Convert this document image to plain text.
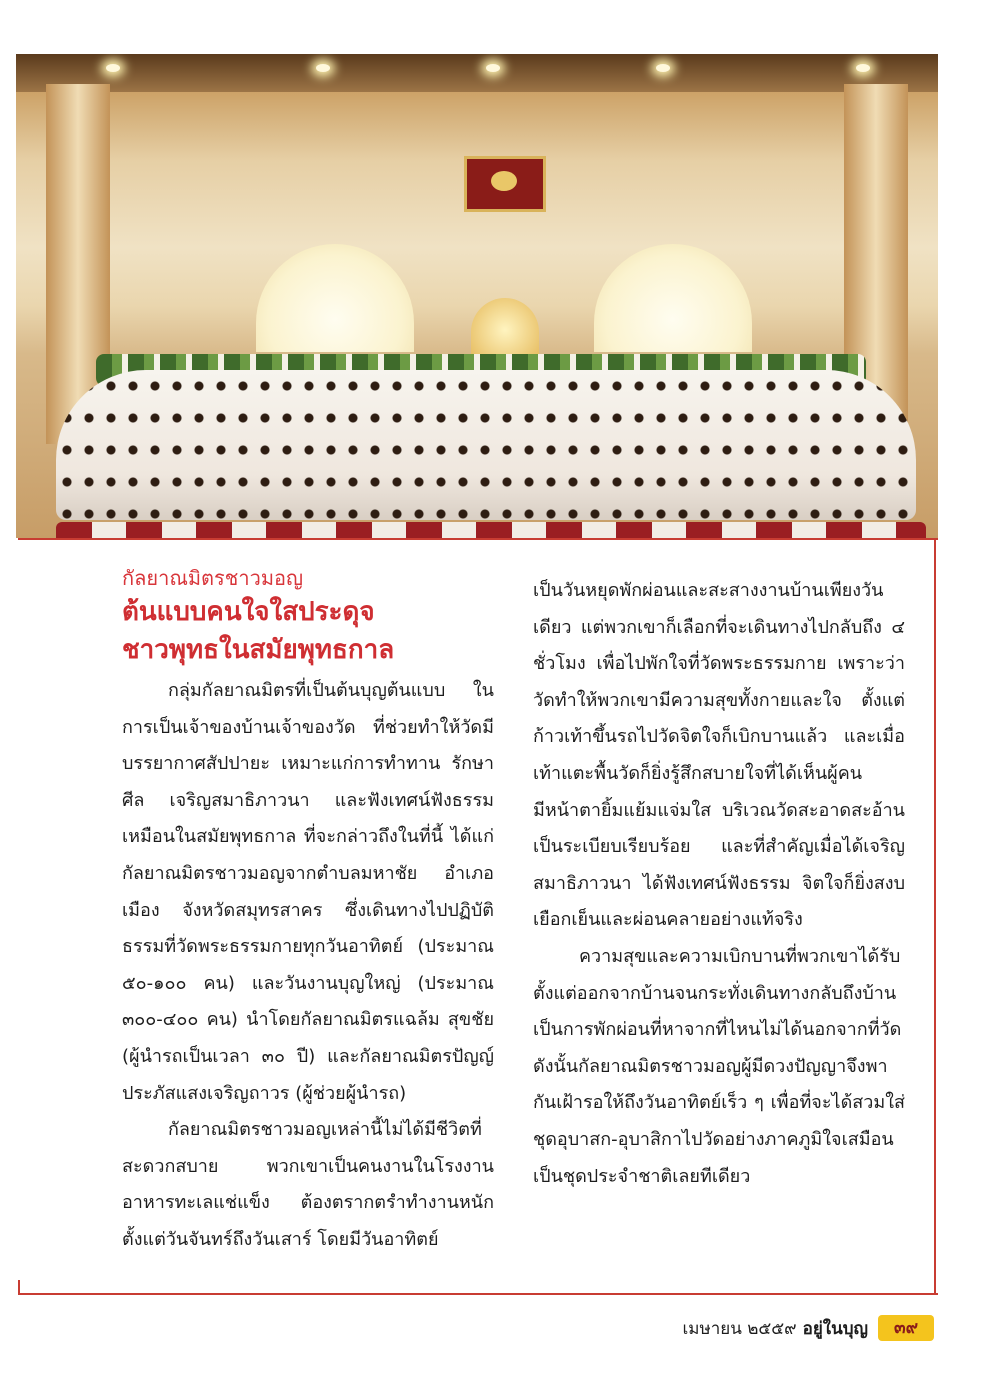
กัลยาณมิตรชาวมอญ

ต้นแบบคนใจใสประดุจ

ชาวพุทธในสมัยพุทธกาล

กลุ่มกัลยาณมิตรที่เป็นต้นบุญต้นแบบ ในการเป็นเจ้าของบ้านเจ้าของวัด ที่ช่วยทำให้วัดมีบรรยากาศสัปปายะ เหมาะแก่การทำทาน รักษาศีล เจริญสมาธิภาวนา และฟังเทศน์ฟังธรรมเหมือนในสมัยพุทธกาล ที่จะกล่าวถึงในที่นี้ ได้แก่ กัลยาณมิตรชาวมอญจากตำบลมหาชัย อำเภอเมือง จังหวัดสมุทรสาคร ซึ่งเดินทางไปปฏิบัติธรรมที่วัดพระธรรมกายทุกวันอาทิตย์ (ประมาณ ๕๐-๑๐๐ คน) และวันงานบุญใหญ่ (ประมาณ ๓๐๐-๔๐๐ คน) นำโดยกัลยาณมิตรแฉล้ม สุขชัย (ผู้นำรถเป็นเวลา ๓๐ ปี) และกัลยาณมิตรปัญญ์ประภัสแสงเจริญถาวร (ผู้ช่วยผู้นำรถ)

กัลยาณมิตรชาวมอญเหล่านี้ไม่ได้มีชีวิตที่สะดวกสบาย พวกเขาเป็นคนงานในโรงงานอาหารทะเลแช่แข็ง ต้องตรากตรำทำงานหนักตั้งแต่วันจันทร์ถึงวันเสาร์ โดยมีวันอาทิตย์

เป็นวันหยุดพักผ่อนและสะสางงานบ้านเพียงวันเดียว แต่พวกเขาก็เลือกที่จะเดินทางไปกลับถึง ๔ ชั่วโมง เพื่อไปพักใจที่วัดพระธรรมกาย เพราะว่าวัดทำให้พวกเขามีความสุขทั้งกายและใจ ตั้งแต่ก้าวเท้าขึ้นรถไปวัดจิตใจก็เบิกบานแล้ว และเมื่อเท้าแตะพื้นวัดก็ยิ่งรู้สึกสบายใจที่ได้เห็นผู้คนมีหน้าตายิ้มแย้มแจ่มใส บริเวณวัดสะอาดสะอ้านเป็นระเบียบเรียบร้อย และที่สำคัญเมื่อได้เจริญสมาธิภาวนา ได้ฟังเทศน์ฟังธรรม จิตใจก็ยิ่งสงบเยือกเย็นและผ่อนคลายอย่างแท้จริง

ความสุขและความเบิกบานที่พวกเขาได้รับตั้งแต่ออกจากบ้านจนกระทั่งเดินทางกลับถึงบ้าน เป็นการพักผ่อนที่หาจากที่ไหนไม่ได้นอกจากที่วัด ดังนั้นกัลยาณมิตรชาวมอญผู้มีดวงปัญญาจึงพากันเฝ้ารอให้ถึงวันอาทิตย์เร็ว ๆ เพื่อที่จะได้สวมใส่ชุดอุบาสก-อุบาสิกาไปวัดอย่างภาคภูมิใจเสมือนเป็นชุดประจำชาติเลยทีเดียว

เมษายน ๒๕๕๙ อยู่ในบุญ	๓๙
